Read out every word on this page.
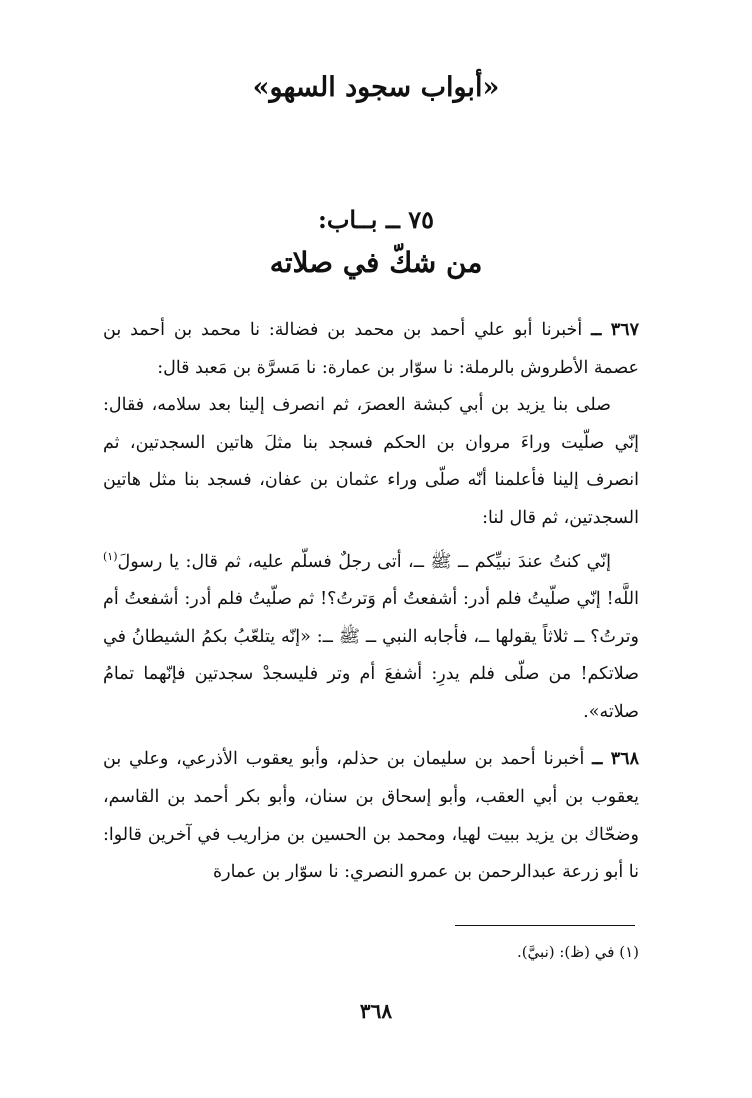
«أبواب سجود السهو»
٧٥ ــ بــاب:
من شكّ في صلاته

٣٦٧ ــ أخبرنا أبو علي أحمد بن محمد بن فضالة: نا محمد بن أحمد بن عصمة الأطروش بالرملة: نا سوّار بن عمارة: نا مَسرَّة بن مَعبد قال:

صلى بنا يزيد بن أبي كبشة العصرَ، ثم انصرف إلينا بعد سلامه، فقال: إنّي صلّيت وراءَ مروان بن الحكم فسجد بنا مثلَ هاتين السجدتين، ثم انصرف إلينا فأعلمنا أنّه صلّى وراء عثمان بن عفان، فسجد بنا مثل هاتين السجدتين، ثم قال لنا:

إنّي كنتُ عندَ نبيِّكم ــ ﷺ ــ، أتى رجلٌ فسلّم عليه، ثم قال: يا رسولَ$^{(١)}$ اللَّه! إنّي صلّيتُ فلم أدر: أشفعتُ أم وَترتُ؟! ثم صلّيتُ فلم أدر: أشفعتُ أم وترتُ؟ ــ ثلاثاً يقولها ــ، فأجابه النبي ــ ﷺ ــ: «إنّه يتلعّبُ بكمُ الشيطانُ في صلاتكم! من صلّى فلم يدرِ: أشفعَ أم وتر فليسجدْ سجدتين فإنّهما تمامُ صلاته».

٣٦٨ ــ أخبرنا أحمد بن سليمان بن حذلم، وأبو يعقوب الأذرعي، وعلي بن يعقوب بن أبي العقب، وأبو إسحاق بن سنان، وأبو بكر أحمد بن القاسم، وضحّاك بن يزيد ببيت لهيا، ومحمد بن الحسين بن مزاريب في آخرين قالوا: نا أبو زرعة عبدالرحمن بن عمرو النصري: نا سوّار بن عمارة

(١) في (ظ): (نبيَّ).
٣٦٨
